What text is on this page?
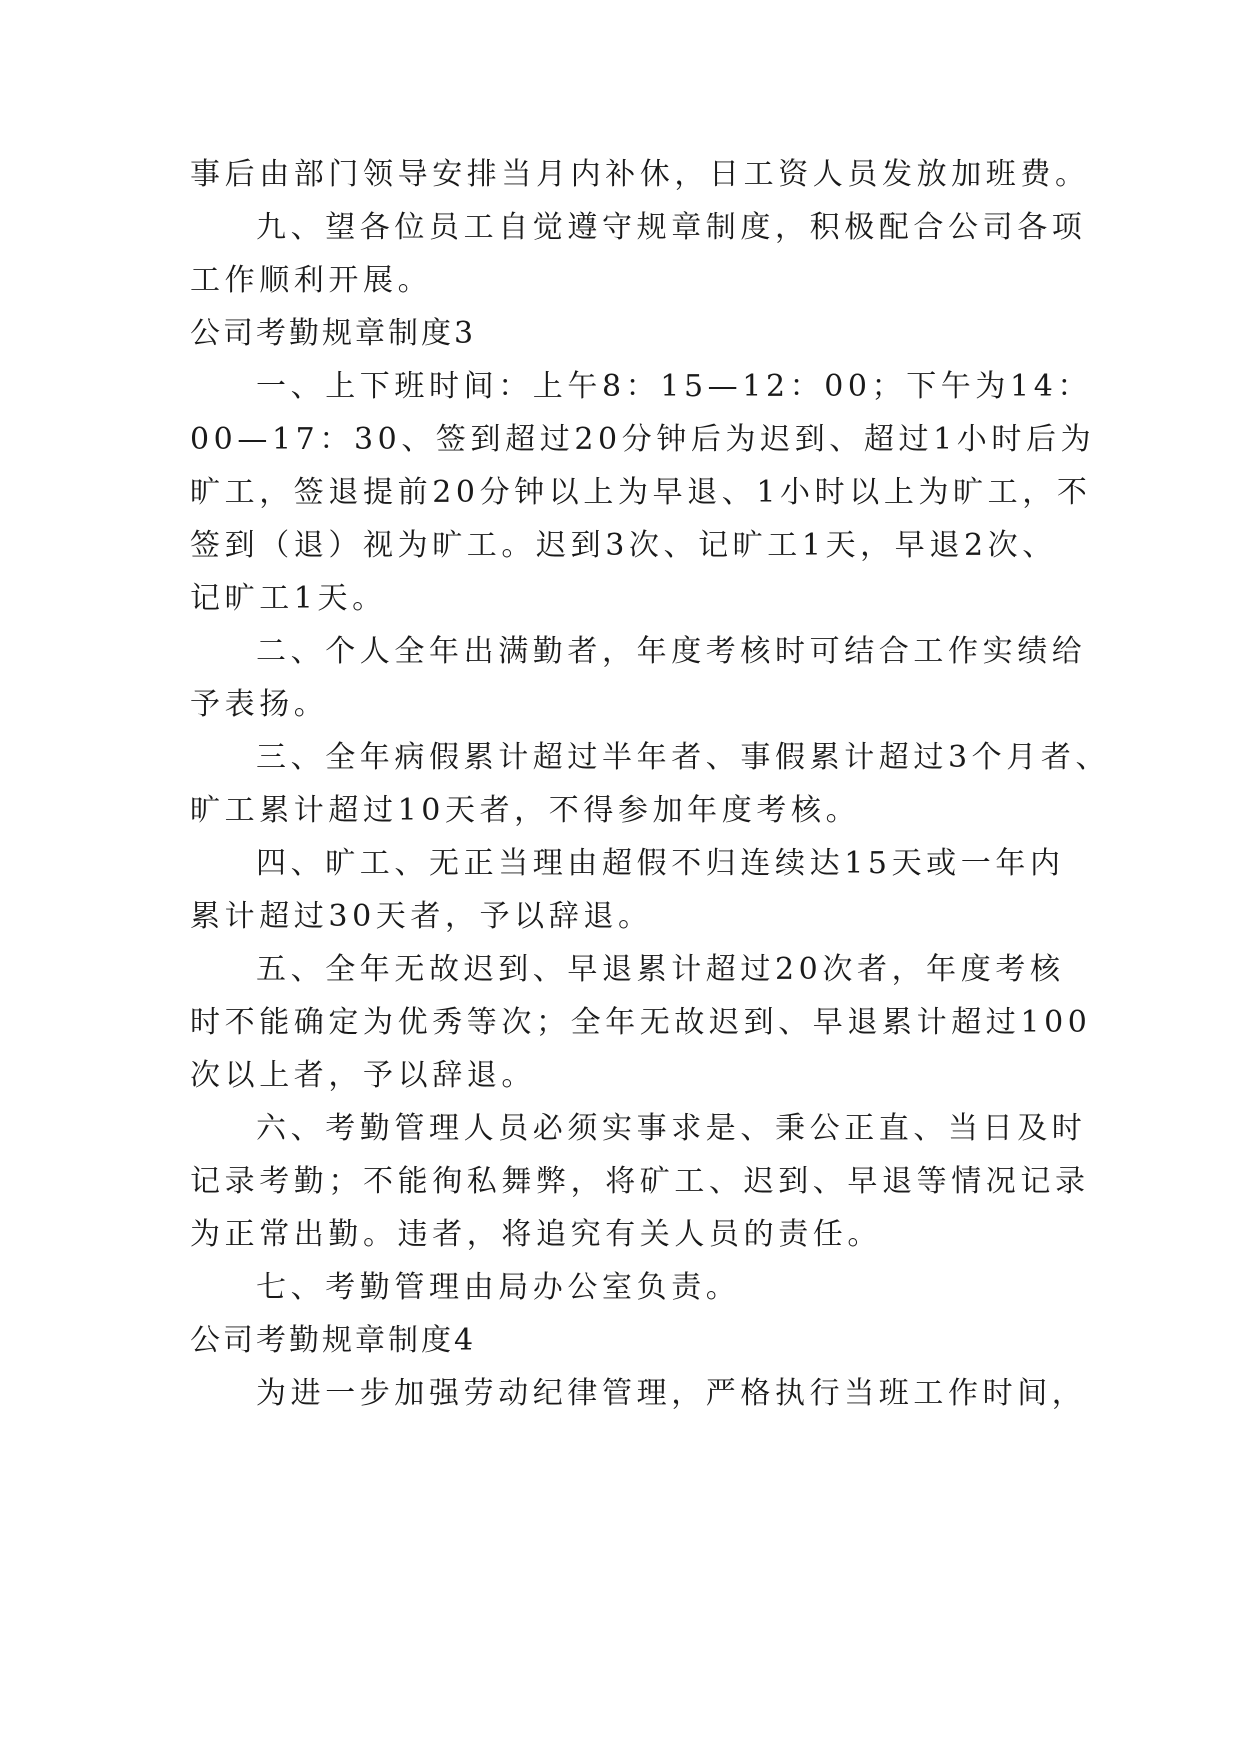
事后由部门领导安排当月内补休，日工资人员发放加班费。
九、望各位员工自觉遵守规章制度，积极配合公司各项
工作顺利开展。
公司考勤规章制度3
一、上下班时间：上午8：15—12：00；下午为14：
00—17：30、签到超过20分钟后为迟到、超过1小时后为
旷工，签退提前20分钟以上为早退、1小时以上为旷工，不
签到（退）视为旷工。迟到3次、记旷工1天，早退2次、
记旷工1天。
二、个人全年出满勤者，年度考核时可结合工作实绩给
予表扬。
三、全年病假累计超过半年者、事假累计超过3个月者、
旷工累计超过10天者，不得参加年度考核。
四、旷工、无正当理由超假不归连续达15天或一年内
累计超过30天者，予以辞退。
五、全年无故迟到、早退累计超过20次者，年度考核
时不能确定为优秀等次；全年无故迟到、早退累计超过100
次以上者，予以辞退。
六、考勤管理人员必须实事求是、秉公正直、当日及时
记录考勤；不能徇私舞弊，将矿工、迟到、早退等情况记录
为正常出勤。违者，将追究有关人员的责任。
七、考勤管理由局办公室负责。
公司考勤规章制度4
为进一步加强劳动纪律管理，严格执行当班工作时间，
